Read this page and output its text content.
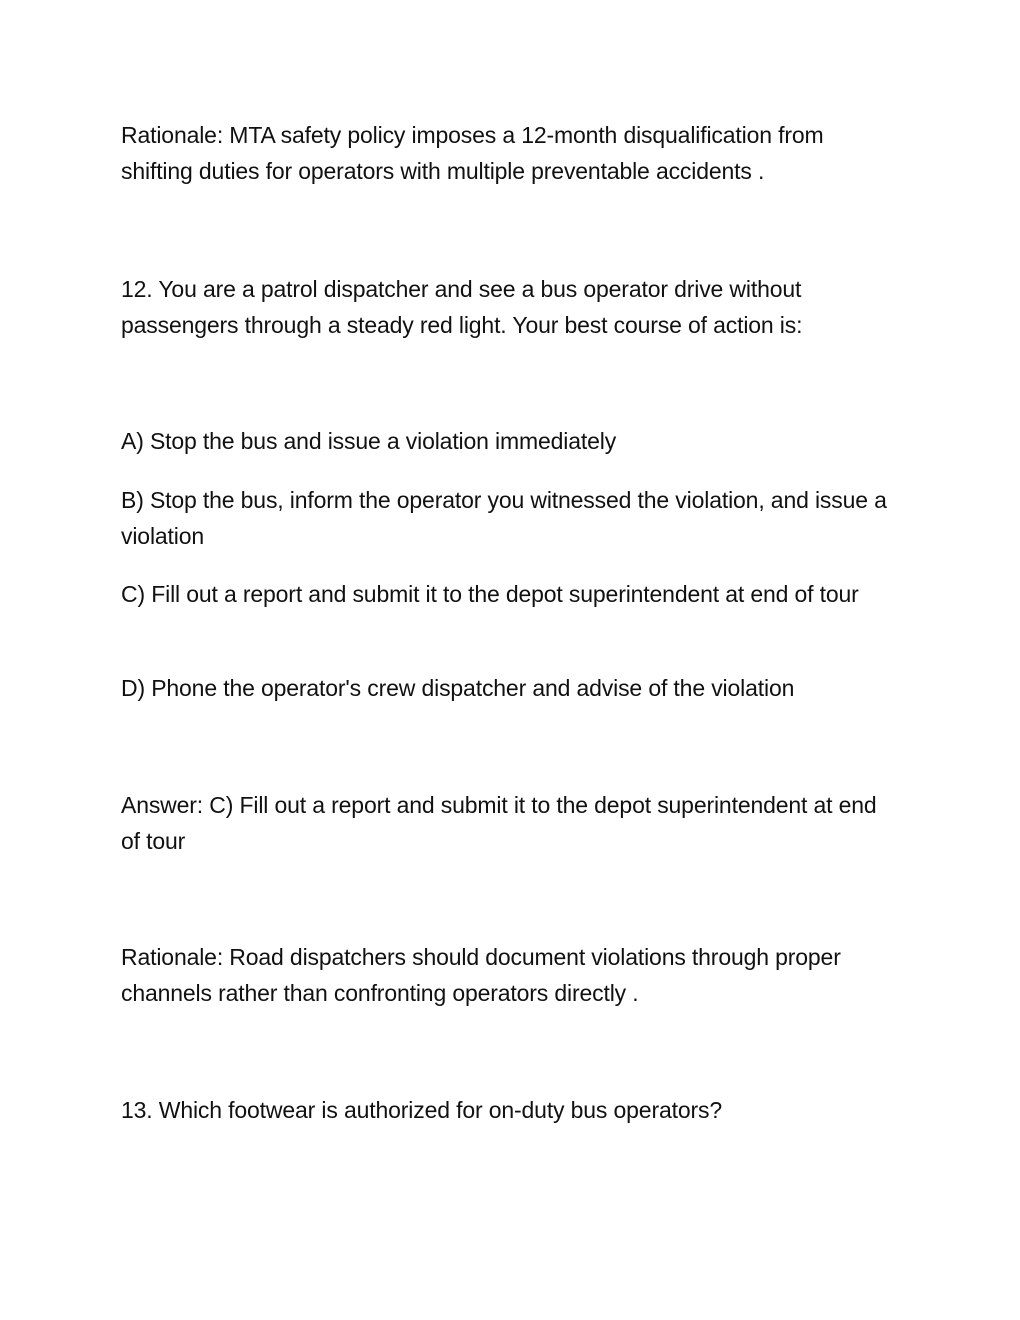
Rationale: MTA safety policy imposes a 12-month disqualification from shifting duties for operators with multiple preventable accidents .

12. You are a patrol dispatcher and see a bus operator drive without passengers through a steady red light. Your best course of action is:

A) Stop the bus and issue a violation immediately

B) Stop the bus, inform the operator you witnessed the violation, and issue a violation

C) Fill out a report and submit it to the depot superintendent at end of tour

D) Phone the operator's crew dispatcher and advise of the violation

Answer: C) Fill out a report and submit it to the depot superintendent at end of tour

Rationale: Road dispatchers should document violations through proper channels rather than confronting operators directly .

13. Which footwear is authorized for on-duty bus operators?
